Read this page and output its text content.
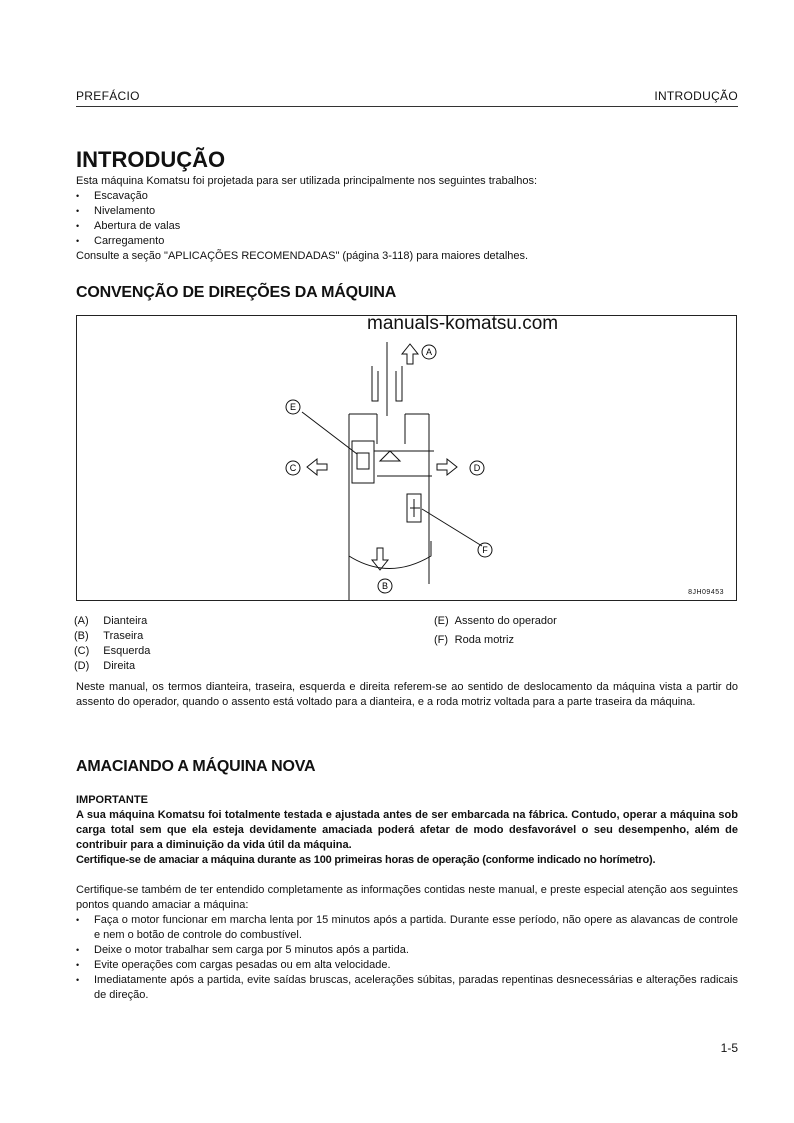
PREFÁCIO	INTRODUÇÃO
INTRODUÇÃO
Esta máquina Komatsu foi projetada para ser utilizada principalmente nos seguintes trabalhos:
• Escavação
• Nivelamento
• Abertura de valas
• Carregamento
Consulte a seção "APLICAÇÕES RECOMENDADAS" (página 3-118) para maiores detalhes.
CONVENÇÃO DE DIREÇÕES DA MÁQUINA
A
E
C	D
F
B
manuals-komatsu.com
8JH09453
(A)	Dianteira
(B)	Traseira
(C)	Esquerda
(D)	Direita
(E)	Assento do operador
(F)	Roda motriz
Neste manual, os termos dianteira, traseira, esquerda e direita referem-se ao sentido de deslocamento da máquina vista a partir do assento do operador, quando o assento está voltado para a dianteira, e a roda motriz voltada para a parte traseira da máquina.
AMACIANDO A MÁQUINA NOVA
IMPORTANTE
A sua máquina Komatsu foi totalmente testada e ajustada antes de ser embarcada na fábrica. Contudo, operar a máquina sob carga total sem que ela esteja devidamente amaciada poderá afetar de modo desfavorável o seu desempenho, além de contribuir para a diminuição da vida útil da máquina.
Certifique-se de amaciar a máquina durante as 100 primeiras horas de operação (conforme indicado no horímetro).
Certifique-se também de ter entendido completamente as informações contidas neste manual, e preste especial atenção aos seguintes pontos quando amaciar a máquina:
• Faça o motor funcionar em marcha lenta por 15 minutos após a partida. Durante esse período, não opere as alavancas de controle e nem o botão de controle do combustível.
• Deixe o motor trabalhar sem carga por 5 minutos após a partida.
• Evite operações com cargas pesadas ou em alta velocidade.
• Imediatamente após a partida, evite saídas bruscas, acelerações súbitas, paradas repentinas desnecessárias e alterações radicais de direção.
1-5
